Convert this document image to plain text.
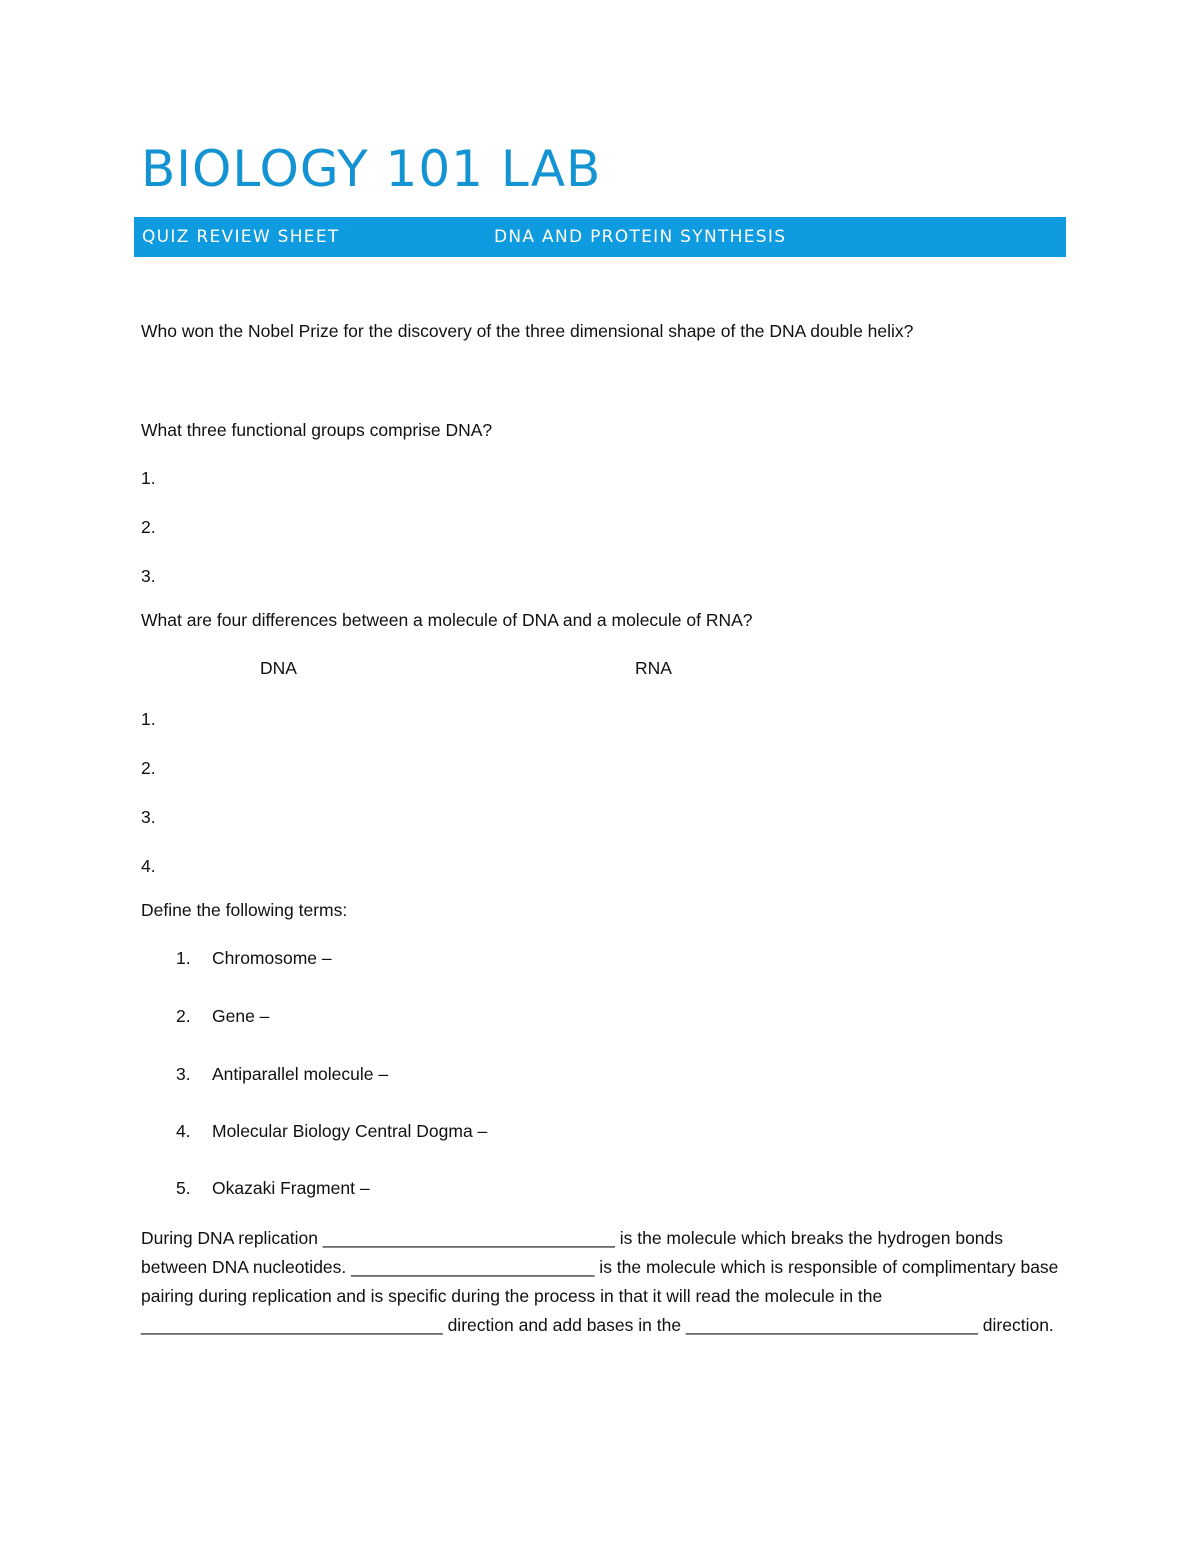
BIOLOGY 101 LAB
QUIZ REVIEW SHEET	DNA AND PROTEIN SYNTHESIS
Who won the Nobel Prize for the discovery of the three dimensional shape of the DNA double helix?
What three functional groups comprise DNA?
1.
2.
3.
What are four differences between a molecule of DNA and a molecule of RNA?
DNA	RNA
1.
2.
3.
4.
Define the following terms:
1. Chromosome –
2. Gene –
3. Antiparallel molecule –
4. Molecular Biology Central Dogma –
5. Okazaki Fragment –
During DNA replication ______________________________ is the molecule which breaks the hydrogen bonds between DNA nucleotides. _________________________ is the molecule which is responsible of complimentary base pairing during replication and is specific during the process in that it will read the molecule in the _______________________________ direction and add bases in the ______________________________ direction.
